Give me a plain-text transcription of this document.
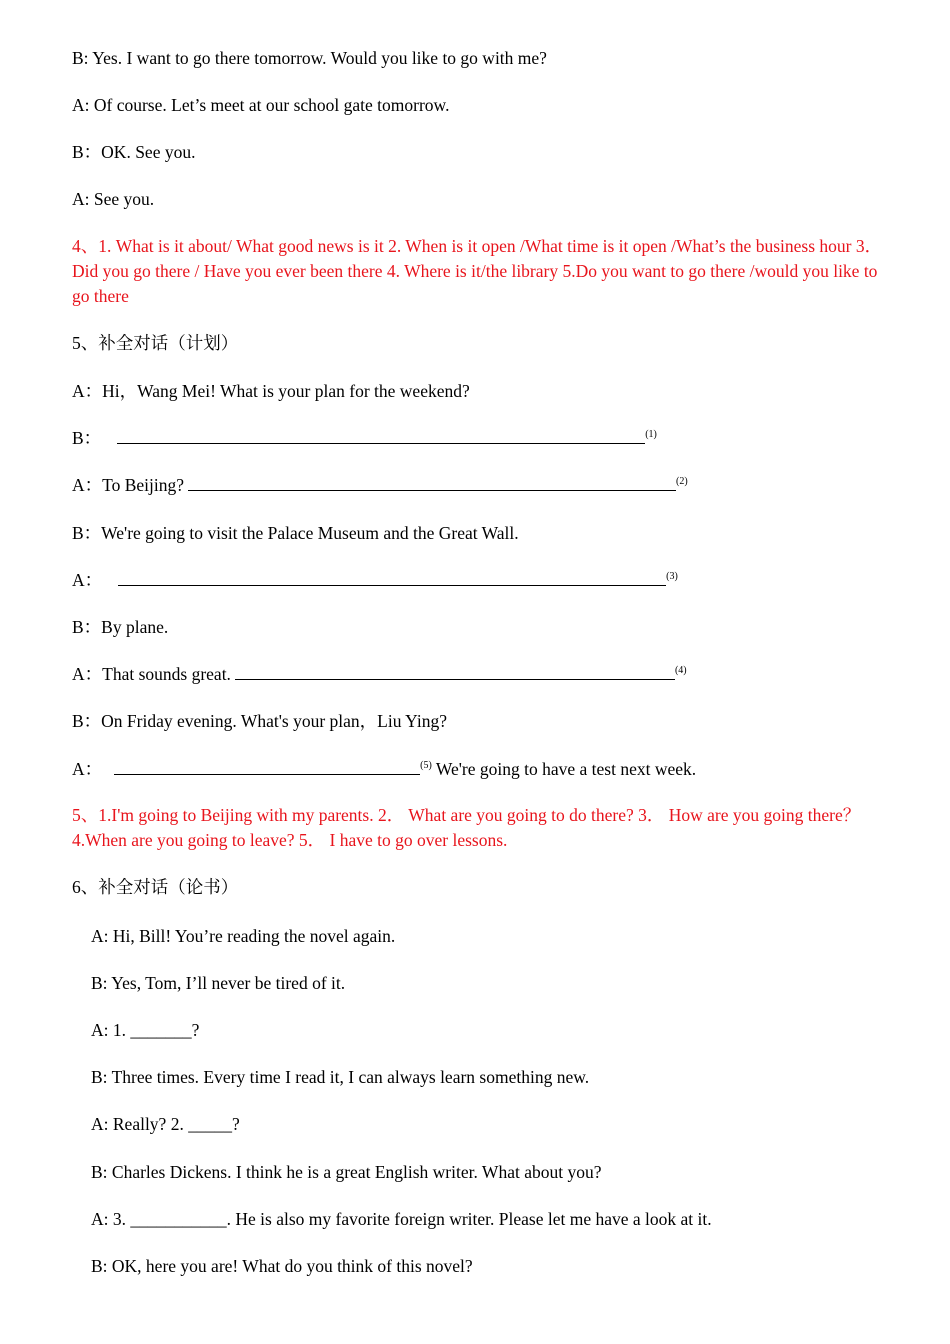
B: Yes. I want to go there tomorrow. Would you like to go with me?
A: Of course. Let’s meet at our school gate tomorrow.
B：OK. See you.
A: See you.
4、1. What is it about/ What good news is it 2. When is it open /What time is it open /What’s the business hour 3．Did you go there / Have you ever been there 4. Where is it/the library 5.Do you want to go there /would you like to go there
5、补全对话（计划）
A：Hi，Wang Mei! What is your plan for the weekend?
B：	$^{(1)}$
A：To Beijing?	$^{(2)}$
B：We're going to visit the Palace Museum and the Great Wall.
A：	$^{(3)}$
B：By plane.
A：That sounds great.	$^{(4)}$
B：On Friday evening. What's your plan，Liu Ying?
A：	$^{(5)}$ We're going to have a test next week.
5、1.I'm going to Beijing with my parents. 2． What are you going to do there? 3． How are you going there？ 4.When are you going to leave? 5． I have to go over lessons.
6、补全对话（论书）
A: Hi, Bill! You’re reading the novel again.
B: Yes, Tom, I’ll never be tired of it.
A: 1. _______?
B: Three times. Every time I read it, I can always learn something new.
A: Really? 2. _____?
B: Charles Dickens. I think he is a great English writer. What about you?
A: 3. ___________. He is also my favorite foreign writer. Please let me have a look at it.
B: OK, here you are! What do you think of this novel?
